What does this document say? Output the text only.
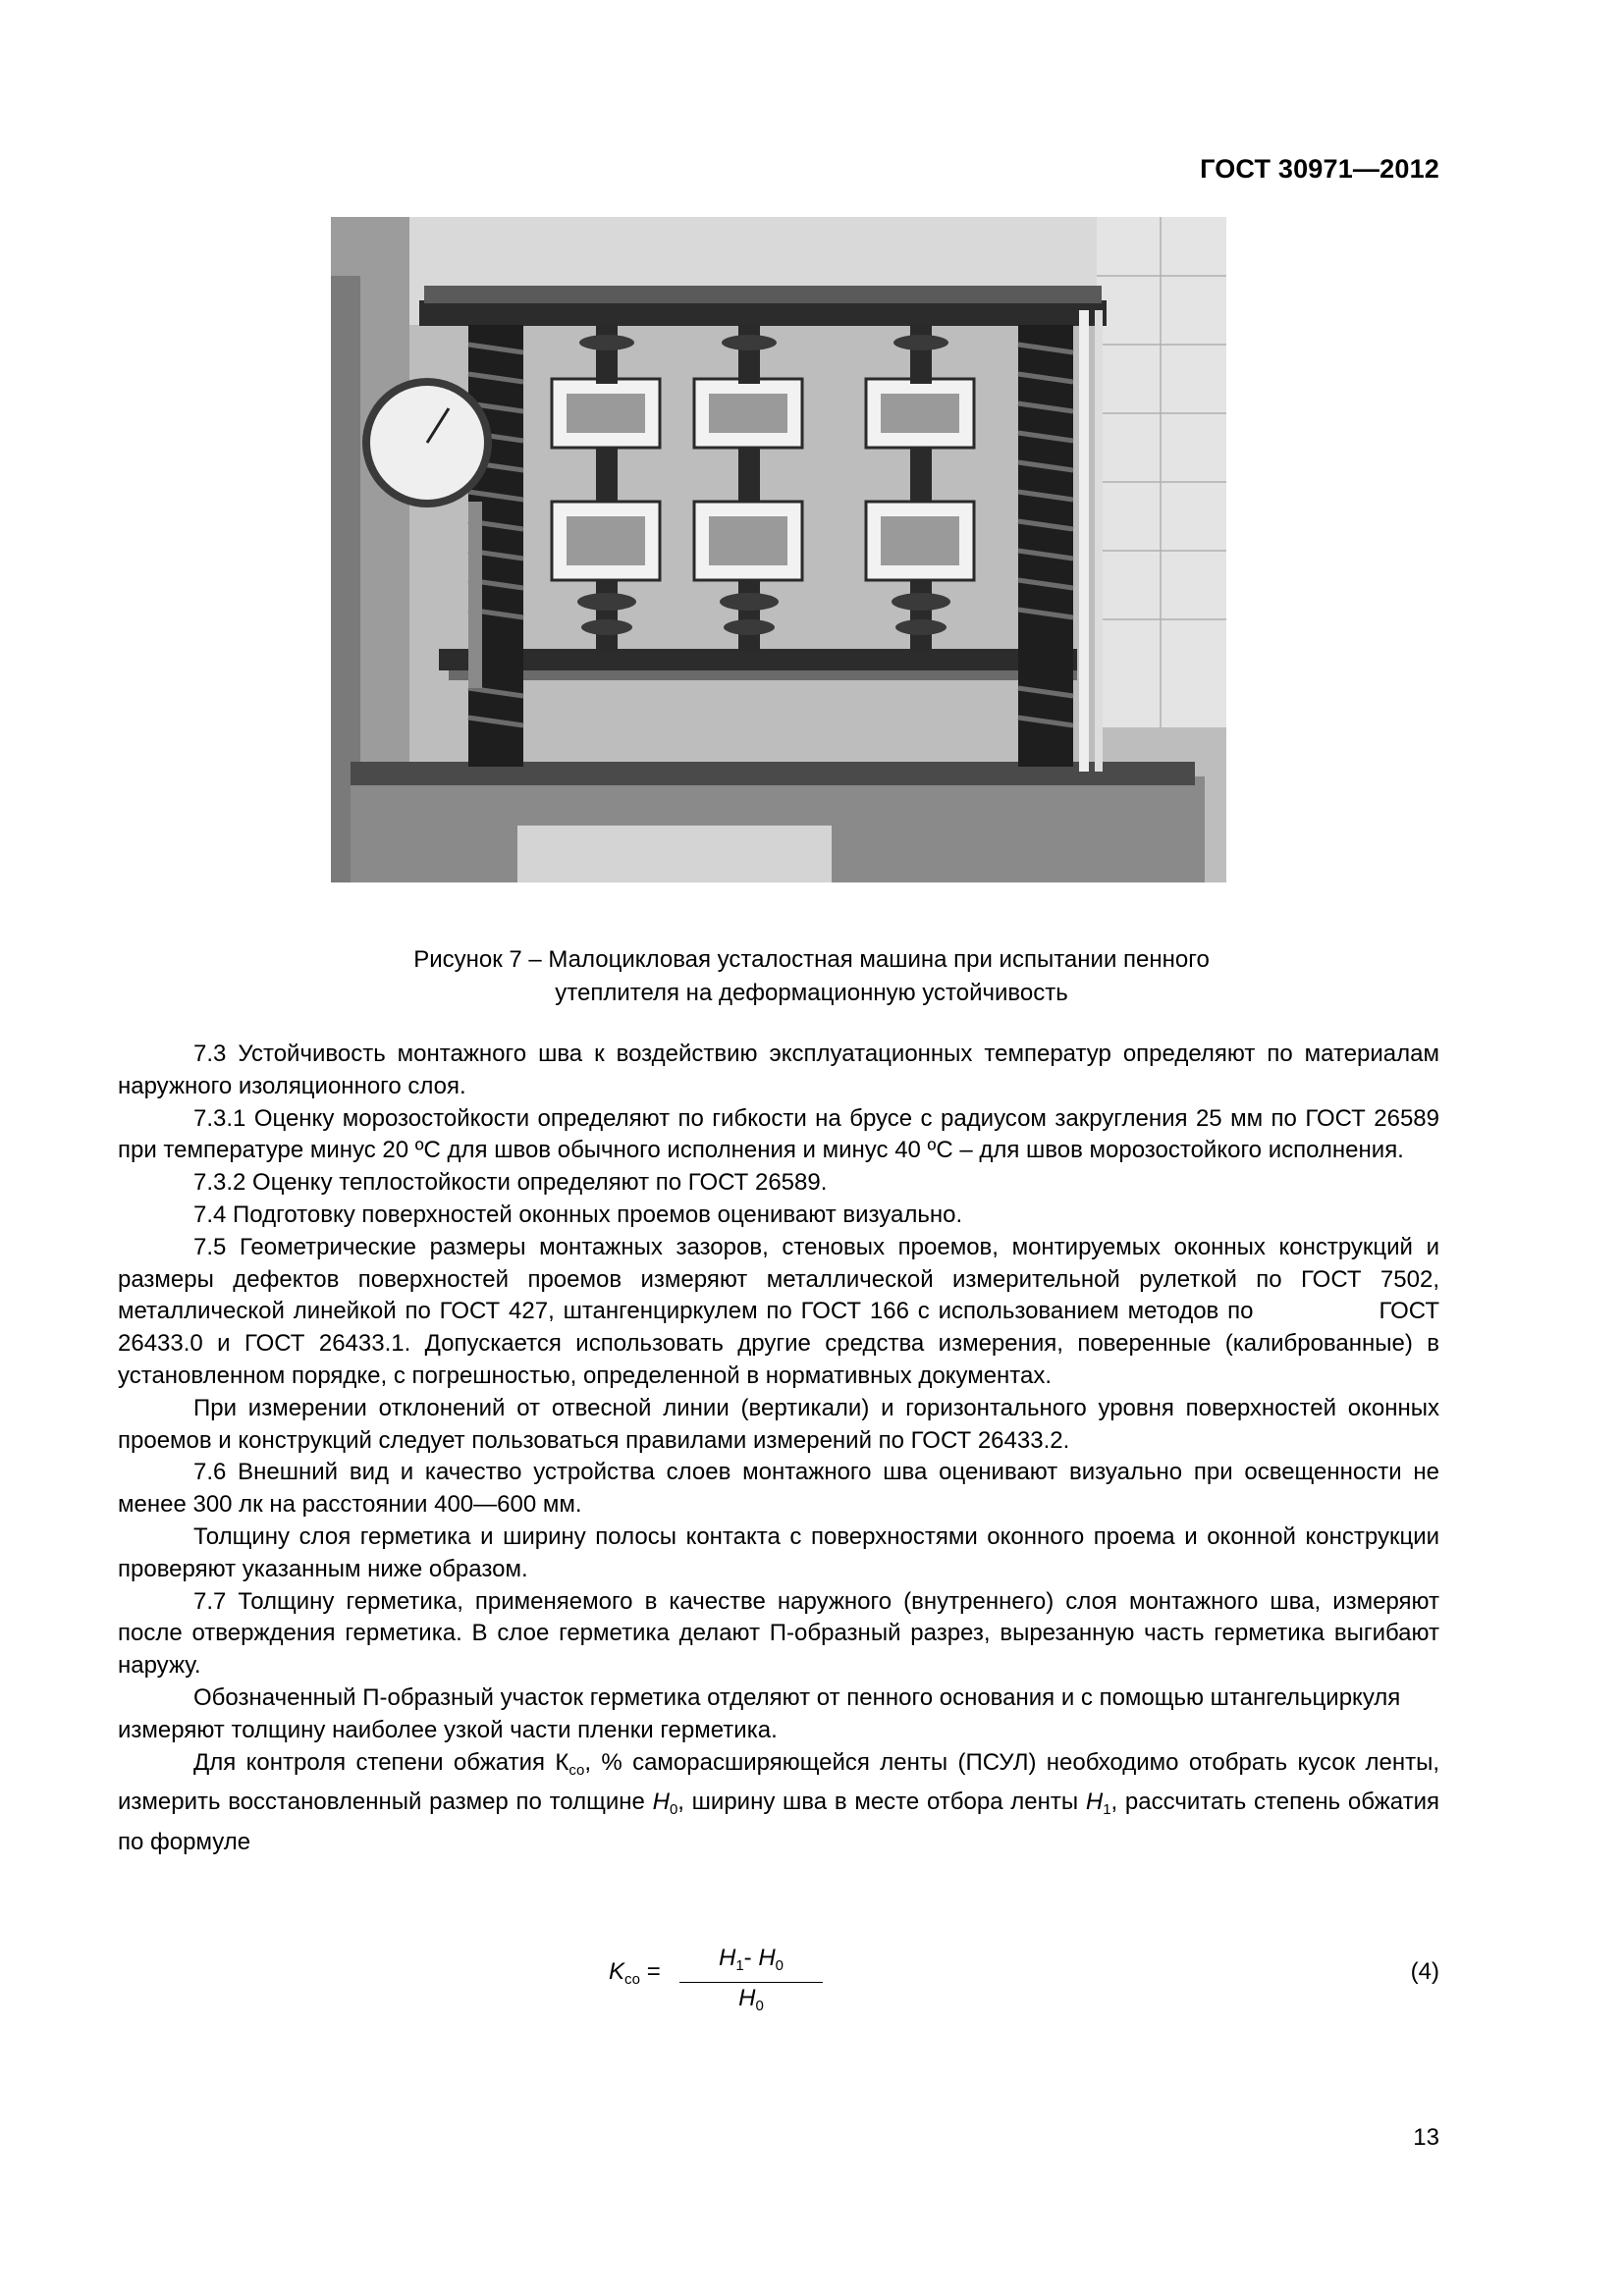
ГОСТ 30971—2012
Рисунок 7 – Малоцикловая усталостная машина при испытании пенного
утеплителя на деформационную устойчивость

7.3 Устойчивость монтажного шва к воздействию эксплуатационных температур определяют по материалам наружного изоляционного слоя.

7.3.1 Оценку морозостойкости определяют по гибкости на брусе с радиусом закругления 25 мм по ГОСТ 26589 при температуре минус 20 ºС для швов обычного исполнения и минус 40 ºС – для швов морозостойкого исполнения.

7.3.2 Оценку теплостойкости определяют по ГОСТ 26589.

7.4 Подготовку поверхностей оконных проемов оценивают визуально.

7.5 Геометрические размеры монтажных зазоров, стеновых проемов, монтируемых оконных конструкций и размеры дефектов поверхностей проемов измеряют металлической измерительной рулеткой по ГОСТ 7502, металлической линейкой по ГОСТ 427, штангенциркулем по ГОСТ 166 с использованием методов по	ГОСТ 26433.0 и ГОСТ 26433.1. Допускается использовать другие средства измерения, поверенные (калиброванные) в установленном порядке, с погрешностью, определенной в нормативных документах.

При измерении отклонений от отвесной линии (вертикали) и горизонтального уровня поверхностей оконных проемов и конструкций следует пользоваться правилами измерений по ГОСТ 26433.2.

7.6 Внешний вид и качество устройства слоев монтажного шва оценивают визуально при освещенности не менее 300 лк на расстоянии 400—600 мм.

Толщину слоя герметика и ширину полосы контакта с поверхностями оконного проема и оконной конструкции проверяют указанным ниже образом.

7.7 Толщину герметика, применяемого в качестве наружного (внутреннего) слоя монтажного шва, измеряют после отверждения герметика. В слое герметика делают П-образный разрез, вырезанную часть герметика выгибают наружу.

Обозначенный П-образный участок герметика отделяют от пенного основания и с помощью штангельциркуля измеряют толщину наиболее узкой части пленки герметика.

Для контроля степени обжатия $К_{со}$, % саморасширяющейся ленты (ПСУЛ) необходимо отобрать кусок ленты, измерить восстановленный размер по толщине $H_0$, ширину шва в месте отбора ленты $H_1$, рассчитать степень обжатия по формуле

$K_{со}$ =
$H_1-$ $H_0$
$H_0$
(4)
13
